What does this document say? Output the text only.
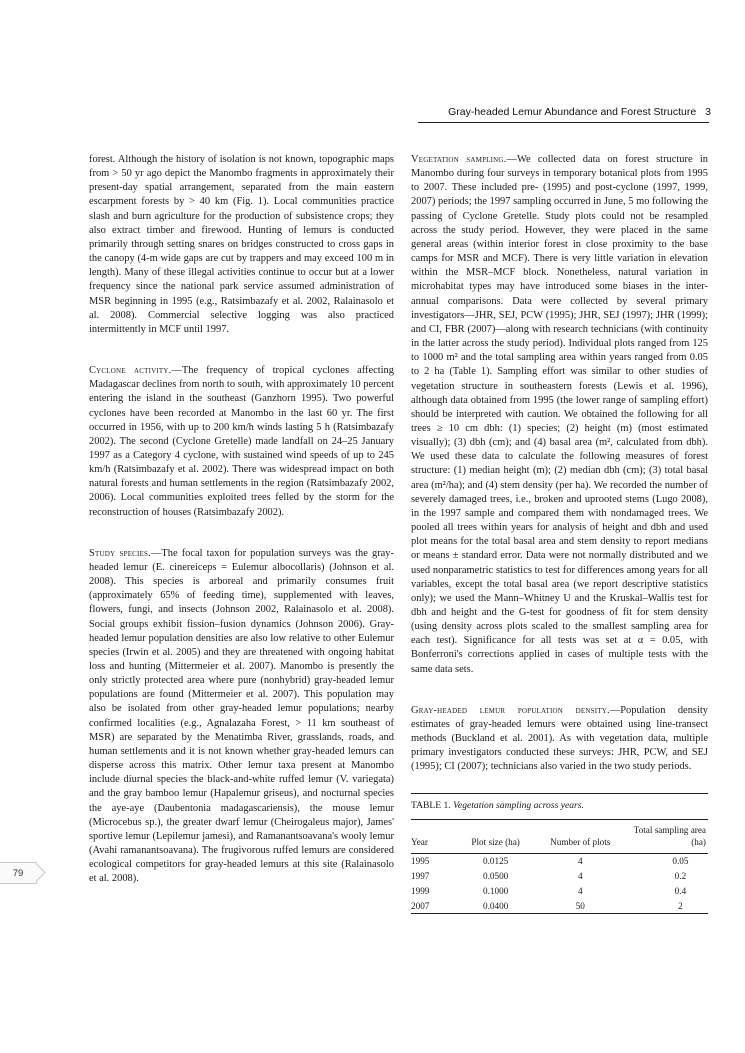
Gray-headed Lemur Abundance and Forest Structure 3

forest. Although the history of isolation is not known, topographic maps from > 50 yr ago depict the Manombo fragments in approximately their present-day spatial arrangement, separated from the main eastern escarpment forests by > 40 km (Fig. 1). Local communities practice slash and burn agriculture for the production of subsistence crops; they also extract timber and firewood. Hunting of lemurs is conducted primarily through setting snares on bridges constructed to cross gaps in the canopy (4-m wide gaps are cut by trappers and may exceed 100 m in length). Many of these illegal activities continue to occur but at a lower frequency since the national park service assumed administration of MSR beginning in 1995 (e.g., Ratsimbazafy et al. 2002, Ralainasolo et al. 2008). Commercial selective logging was also practiced intermittently in MCF until 1997.

Cyclone activity.—The frequency of tropical cyclones affecting Madagascar declines from north to south, with approximately 10 percent entering the island in the southeast (Ganzhorn 1995). Two powerful cyclones have been recorded at Manombo in the last 60 yr. The first occurred in 1956, with up to 200 km/h winds lasting 5 h (Ratsimbazafy 2002). The second (Cyclone Gretelle) made landfall on 24–25 January 1997 as a Category 4 cyclone, with sustained wind speeds of up to 245 km/h (Ratsimbazafy et al. 2002). There was widespread impact on both natural forests and human settlements in the region (Ratsimbazafy 2002, 2006). Local communities exploited trees felled by the storm for the reconstruction of houses (Ratsimbazafy 2002).

Study species.—The focal taxon for population surveys was the gray-headed lemur (E. cinereiceps = Eulemur albocollaris) (Johnson et al. 2008). This species is arboreal and primarily consumes fruit (approximately 65% of feeding time), supplemented with leaves, flowers, fungi, and insects (Johnson 2002, Ralainasolo et al. 2008). Social groups exhibit fission–fusion dynamics (Johnson 2006). Gray-headed lemur population densities are also low relative to other Eulemur species (Irwin et al. 2005) and they are threatened with ongoing habitat loss and hunting (Mittermeier et al. 2007). Manombo is presently the only strictly protected area where pure (nonhybrid) gray-headed lemur populations are found (Mittermeier et al. 2007). This population may also be isolated from other gray-headed lemur populations; nearby confirmed localities (e.g., Agnalazaha Forest, > 11 km southeast of MSR) are separated by the Menatimba River, grasslands, roads, and human settlements and it is not known whether gray-headed lemurs can disperse across this matrix. Other lemur taxa present at Manombo include diurnal species the black-and-white ruffed lemur (V. variegata) and the gray bamboo lemur (Hapalemur griseus), and nocturnal species the aye-aye (Daubentonia madagascariensis), the mouse lemur (Microcebus sp.), the greater dwarf lemur (Cheirogaleus major), James' sportive lemur (Lepilemur jamesi), and Ramanantsoavana's wooly lemur (Avahi ramanantsoavana). The frugivorous ruffed lemurs are considered ecological competitors for gray-headed lemurs at this site (Ralainasolo et al. 2008).

Vegetation sampling.—We collected data on forest structure in Manombo during four surveys in temporary botanical plots from 1995 to 2007. These included pre- (1995) and post-cyclone (1997, 1999, 2007) periods; the 1997 sampling occurred in June, 5 mo following the passing of Cyclone Gretelle. Study plots could not be resampled across the study period. However, they were placed in the same general areas (within interior forest in close proximity to the base camps for MSR and MCF). There is very little variation in elevation within the MSR–MCF block. Nonetheless, natural variation in microhabitat types may have introduced some biases in the inter-annual comparisons. Data were collected by several primary investigators—JHR, SEJ, PCW (1995); JHR, SEJ (1997); JHR (1999); and CI, FBR (2007)—along with research technicians (with continuity in the latter across the study period). Individual plots ranged from 125 to 1000 m² and the total sampling area within years ranged from 0.05 to 2 ha (Table 1). Sampling effort was similar to other studies of vegetation structure in southeastern forests (Lewis et al. 1996), although data obtained from 1995 (the lower range of sampling effort) should be interpreted with caution. We obtained the following for all trees ≥ 10 cm dbh: (1) species; (2) height (m) (most estimated visually); (3) dbh (cm); and (4) basal area (m², calculated from dbh). We used these data to calculate the following measures of forest structure: (1) median height (m); (2) median dbh (cm); (3) total basal area (m²/ha); and (4) stem density (per ha). We recorded the number of severely damaged trees, i.e., broken and uprooted stems (Lugo 2008), in the 1997 sample and compared them with nondamaged trees. We pooled all trees within years for analysis of height and dbh and used plot means for the total basal area and stem density to report medians or means ± standard error. Data were not normally distributed and we used nonparametric statistics to test for differences among years for all variables, except the total basal area (we report descriptive statistics only); we used the Mann–Whitney U and the Kruskal–Wallis test for dbh and height and the G-test for goodness of fit for stem density (using density across plots scaled to the smallest sampling area for each test). Significance for all tests was set at α = 0.05, with Bonferroni's corrections applied in cases of multiple tests with the same data sets.

Gray-headed lemur population density.—Population density estimates of gray-headed lemurs were obtained using line-transect methods (Buckland et al. 2001). As with vegetation data, multiple primary investigators conducted these surveys: JHR, PCW, and SEJ (1995); CI (2007); technicians also varied in the two study periods.

TABLE 1. Vegetation sampling across years.
Year	Plot size (ha)	Number of plots	Total sampling area (ha)
1995	0.0125	4	0.05
1997	0.0500	4	0.2
1999	0.1000	4	0.4
2007	0.0400	50	2
79
